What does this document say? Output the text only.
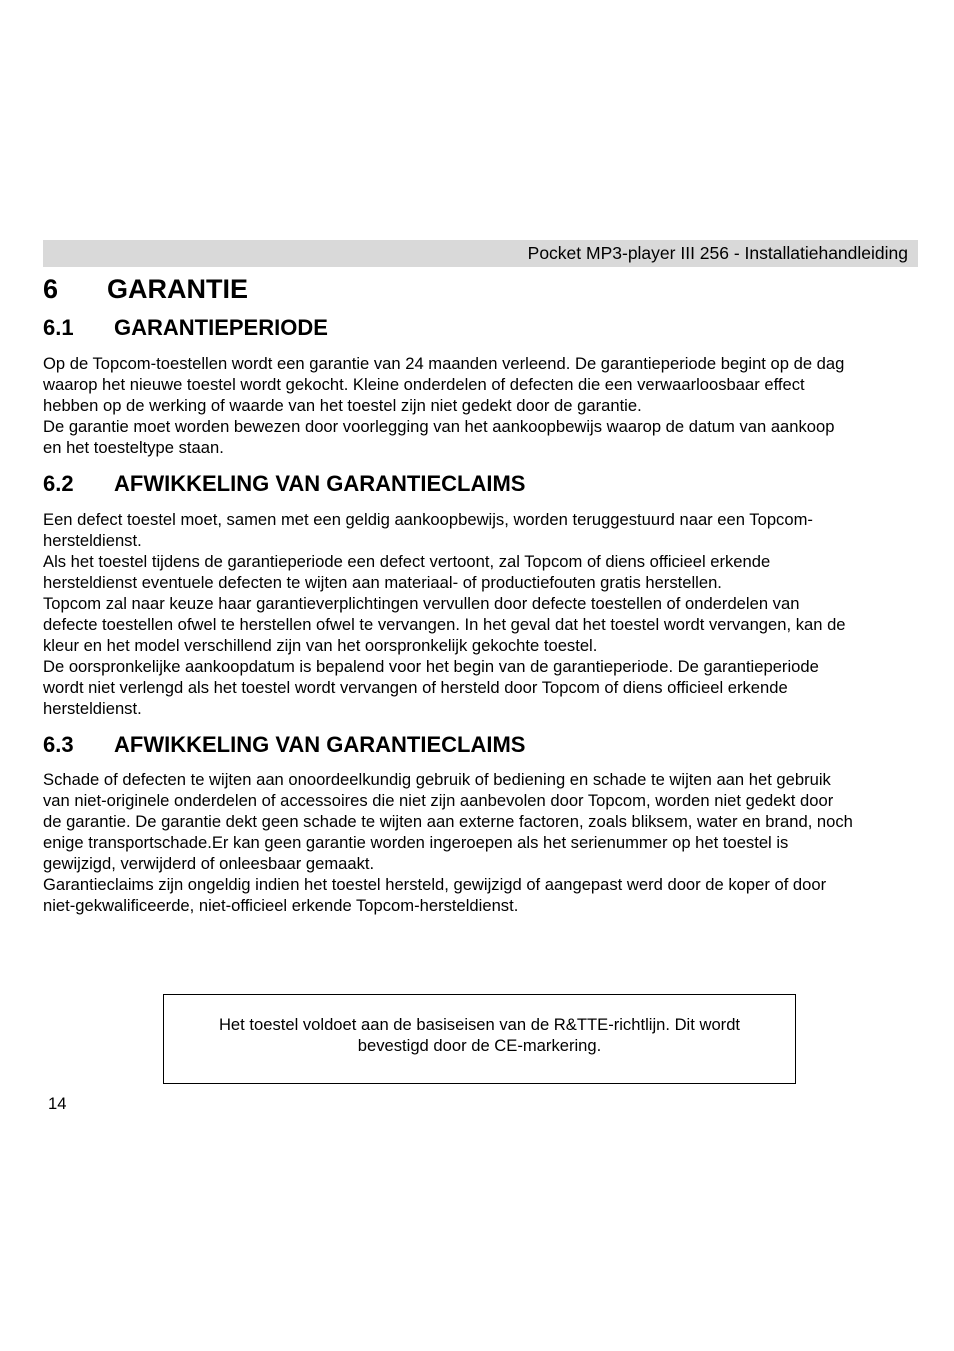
Pocket MP3-player III 256 - Installatiehandleiding
6 GARANTIE
6.1 GARANTIEPERIODE

Op de Topcom-toestellen wordt een garantie van 24 maanden verleend. De garantieperiode begint op de dag

waarop het nieuwe toestel wordt gekocht. Kleine onderdelen of defecten die een verwaarloosbaar effect

hebben op de werking of waarde van het toestel zijn niet gedekt door de garantie.

De garantie moet worden bewezen door voorlegging van het aankoopbewijs waarop de datum van aankoop

en het toesteltype staan.

6.2 AFWIKKELING VAN GARANTIECLAIMS

Een defect toestel moet, samen met een geldig aankoopbewijs, worden teruggestuurd naar een Topcom-

hersteldienst.

Als het toestel tijdens de garantieperiode een defect vertoont, zal Topcom of diens officieel erkende

hersteldienst eventuele defecten te wijten aan materiaal- of productiefouten gratis herstellen.

Topcom zal naar keuze haar garantieverplichtingen vervullen door defecte toestellen of onderdelen van

defecte toestellen ofwel te herstellen ofwel te vervangen. In het geval dat het toestel wordt vervangen, kan de

kleur en het model verschillend zijn van het oorspronkelijk gekochte toestel.

De oorspronkelijke aankoopdatum is bepalend voor het begin van de garantieperiode. De garantieperiode

wordt niet verlengd als het toestel wordt vervangen of hersteld door Topcom of diens officieel erkende

hersteldienst.

6.3 AFWIKKELING VAN GARANTIECLAIMS

Schade of defecten te wijten aan onoordeelkundig gebruik of bediening en schade te wijten aan het gebruik

van niet-originele onderdelen of accessoires die niet zijn aanbevolen door Topcom, worden niet gedekt door

de garantie. De garantie dekt geen schade te wijten aan externe factoren, zoals bliksem, water en brand, noch

enige transportschade.Er kan geen garantie worden ingeroepen als het serienummer op het toestel is

gewijzigd, verwijderd of onleesbaar gemaakt.

Garantieclaims zijn ongeldig indien het toestel hersteld, gewijzigd of aangepast werd door de koper of door

niet-gekwalificeerde, niet-officieel erkende Topcom-hersteldienst.

Het toestel voldoet aan de basiseisen van de R&TTE-richtlijn. Dit wordt
bevestigd door de CE-markering.
14
